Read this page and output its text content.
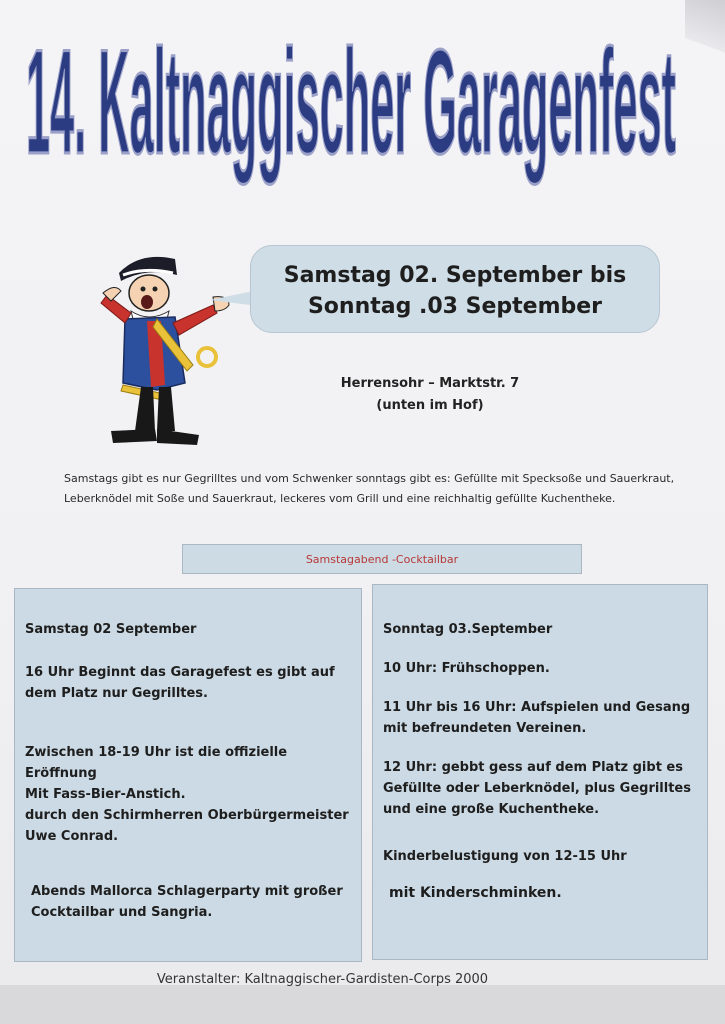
14. Kaltnaggischer Garagenfest
Samstag 02. September bis
Sonntag .03 September
Herrensohr – Marktstr. 7
(unten im Hof)
Samstags gibt es nur Gegrilltes und vom Schwenker sonntags gibt es: Gefüllte mit Specksoße und Sauerkraut, Leberknödel mit Soße und Sauerkraut, leckeres vom Grill und eine reichhaltig gefüllte Kuchentheke.
Samstagabend -Cocktailbar
Samstag 02 September
16 Uhr Beginnt das Garagefest es gibt auf dem Platz nur Gegrilltes.
Zwischen 18-19 Uhr ist die offizielle
Eröffnung
Mit Fass-Bier-Anstich.
durch den Schirmherren Oberbürgermeister
Uwe Conrad.
Abends Mallorca Schlagerparty mit großer Cocktailbar und Sangria.
Sonntag 03.September
10 Uhr: Frühschoppen.
11 Uhr bis 16 Uhr: Aufspielen und Gesang mit befreundeten Vereinen.
12 Uhr: gebbt gess auf dem Platz gibt es Gefüllte oder Leberknödel, plus Gegrilltes und eine große Kuchentheke.
Kinderbelustigung von 12-15 Uhr
mit Kinderschminken.
Veranstalter: Kaltnaggischer-Gardisten-Corps 2000
